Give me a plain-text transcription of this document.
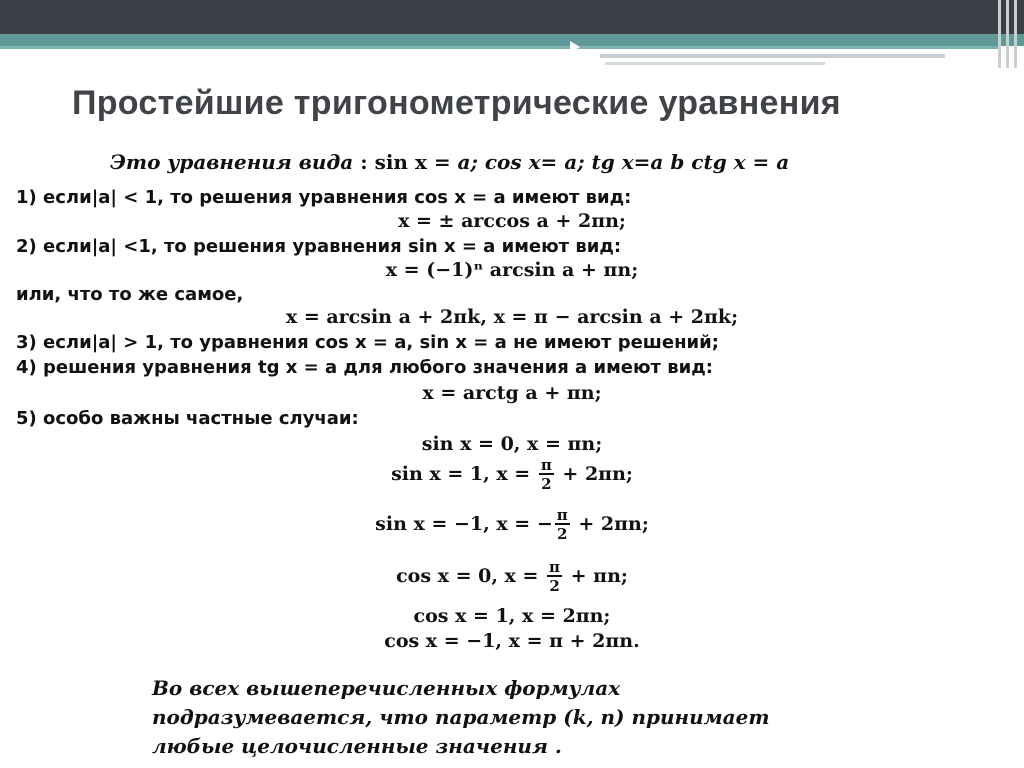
Простейшие тригонометрические уравнения
Это уравнения вида : sin x = a; cos x= a; tg x=a b ctg x = a
1) если|a| < 1, то решения уравнения cos x = a имеют вид:
x = ± arccos a + 2πn;
2) если|a| <1, то решения уравнения sin x = a имеют вид:
x = (−1)ⁿ arcsin a + πn;
или, что то же самое,
x = arcsin a + 2πk, x = π − arcsin a + 2πk;
3) если|a| > 1, то уравнения cos x = a, sin x = a не имеют решений;
4) решения уравнения tg x = a для любого значения a имеют вид:
x = arctg a + πn;
5) особо важны частные случаи:
sin x = 0, x = πn;
sin x = 1, $x = \frac{\pi}{2} + 2\pi n$;
sin x = −1, x = − $\frac{\pi}{2} + 2\pi n$;
cos x = 0, $x = \frac{\pi}{2} + \pi n$;
cos x = 1, x = 2πn;
cos x = −1, x = π + 2πn.
Во всех вышеперечисленных формулах
подразумевается, что параметр (k, n) принимает
любые целочисленные значения .
